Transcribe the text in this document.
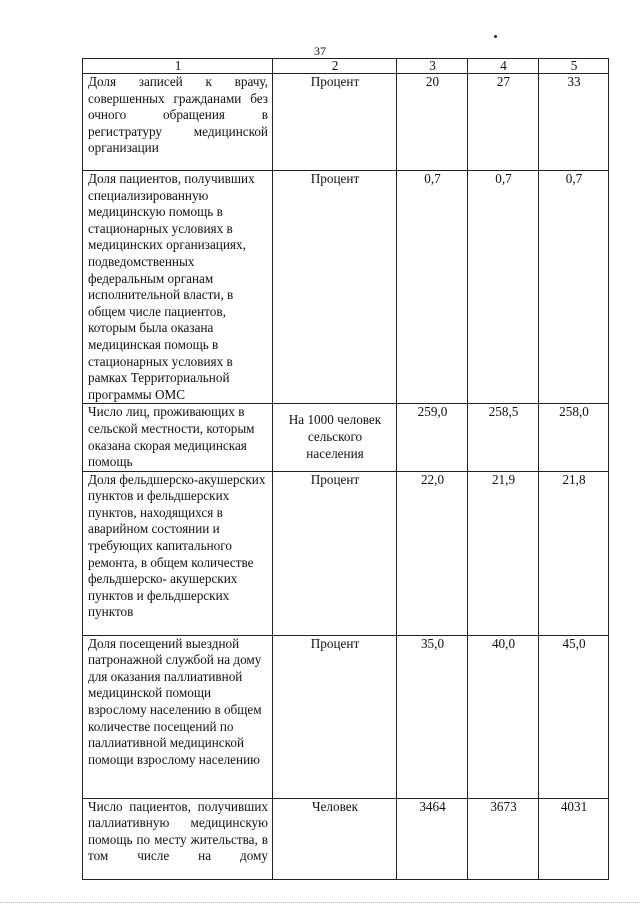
37
1	2	3	4	5
Доля записей к врачу, совершенных гражданами без очного обращения в регистратуру медицинской организации	Процент	20	27	33
Доля пациентов, получивших специализированную медицинскую помощь в стационарных условиях в медицинских организациях, подведомственных федеральным органам исполнительной власти, в общем числе пациентов, которым была оказана медицинская помощь в стационарных условиях в рамках Территориальной программы ОМС	Процент	0,7	0,7	0,7
Число лиц, проживающих в сельской местности, которым оказана скорая медицинская помощь	На 1000 человек сельского населения	259,0	258,5	258,0
Доля фельдшерско-акушерских пунктов и фельдшерских пунктов, находящихся в аварийном состоянии и требующих капитального ремонта, в общем количестве фельдшерско- акушерских пунктов и фельдшерских пунктов	Процент	22,0	21,9	21,8
Доля посещений выездной патронажной службой на дому для оказания паллиативной медицинской помощи взрослому населению в общем количестве посещений по паллиативной медицинской помощи взрослому населению	Процент	35,0	40,0	45,0
Число пациентов, получивших паллиативную медицинскую помощь по месту жительства, в том числе на дому	Человек	3464	3673	4031
